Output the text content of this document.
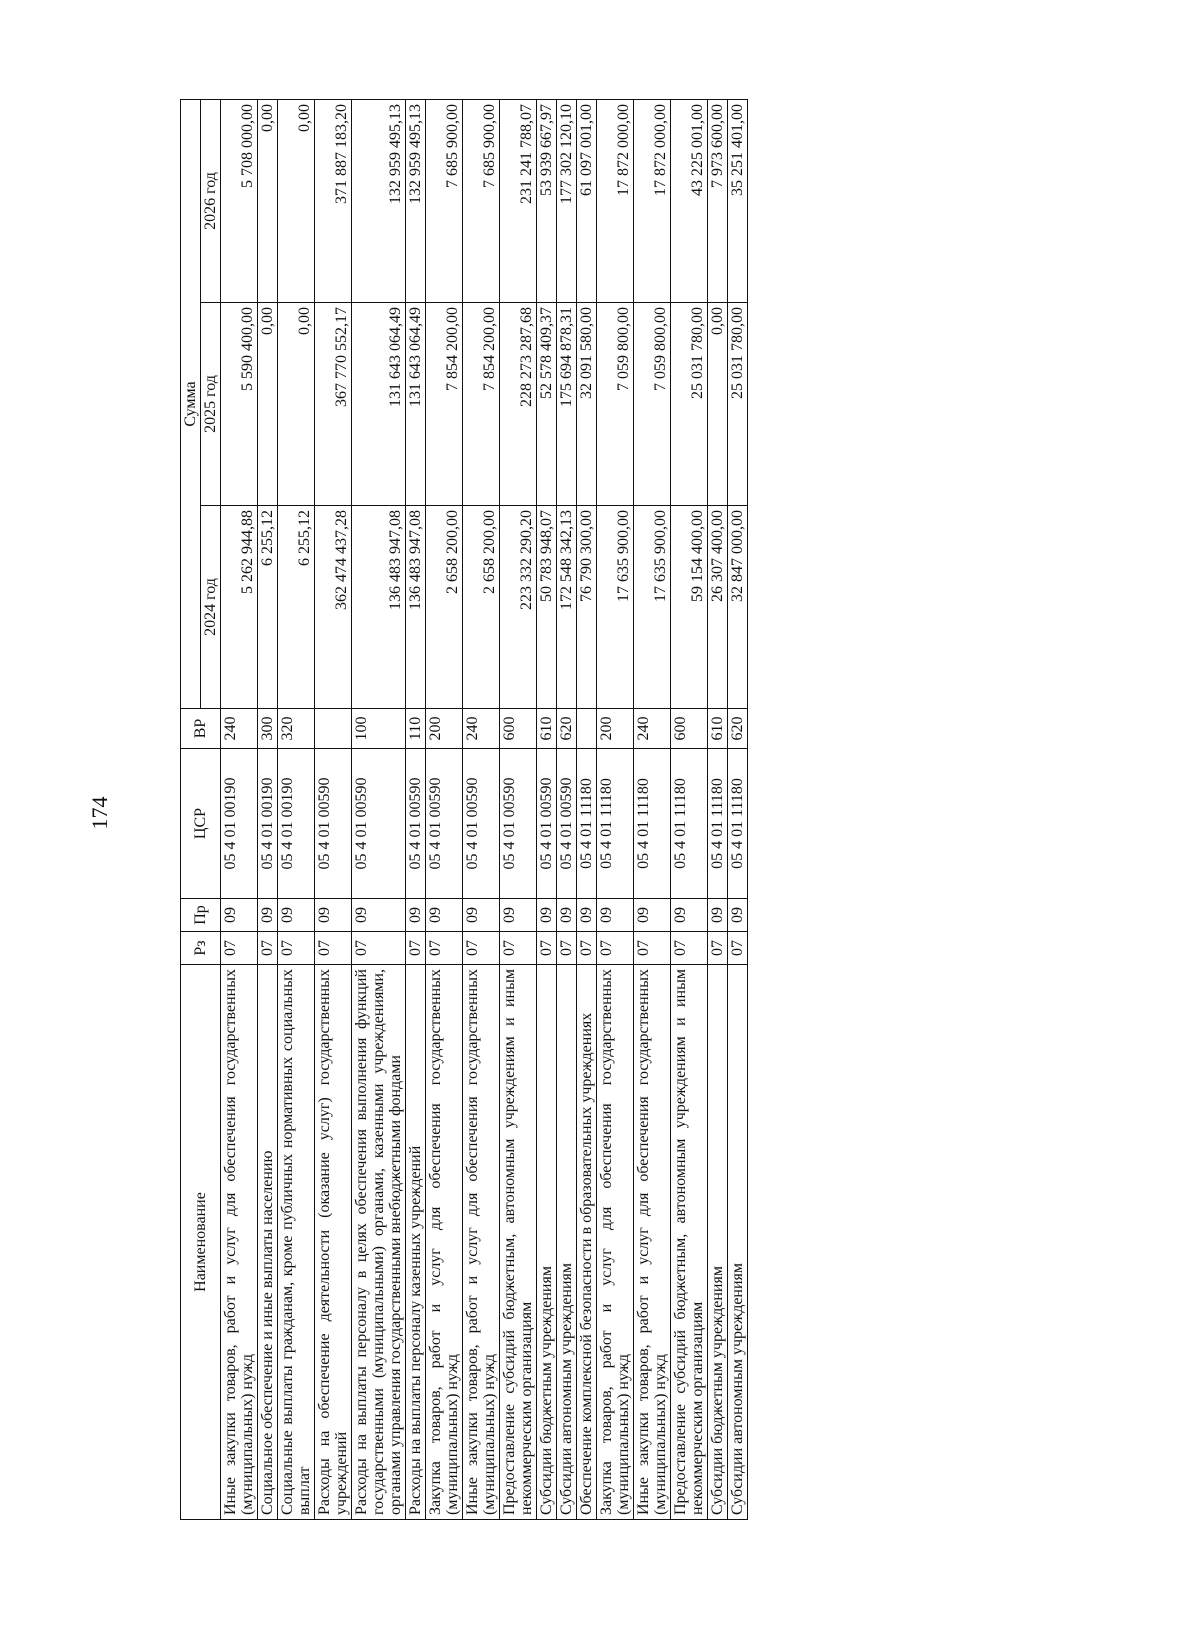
174
Наименование	Рз	Пр	ЦСР	ВР	Сумма		
					2024 год	2025 год	2026 год
Иные закупки товаров, работ и услуг для обеспечения государственных (муниципальных) нужд	07	09	05 4 01 00190	240	5 262 944,88	5 590 400,00	5 708 000,00
Социальное обеспечение и иные выплаты населению	07	09	05 4 01 00190	300	6 255,12	0,00	0,00
Социальные выплаты гражданам, кроме публичных нормативных социальных выплат	07	09	05 4 01 00190	320	6 255,12	0,00	0,00
Расходы на обеспечение деятельности (оказание услуг) государственных учреждений	07	09	05 4 01 00590		362 474 437,28	367 770 552,17	371 887 183,20
Расходы на выплаты персоналу в целях обеспечения выполнения функций государственными (муниципальными) органами, казенными учреждениями, органами управления государственными внебюджетными фондами	07	09	05 4 01 00590	100	136 483 947,08	131 643 064,49	132 959 495,13
Расходы на выплаты персоналу казенных учреждений	07	09	05 4 01 00590	110	136 483 947,08	131 643 064,49	132 959 495,13
Закупка товаров, работ и услуг для обеспечения государственных (муниципальных) нужд	07	09	05 4 01 00590	200	2 658 200,00	7 854 200,00	7 685 900,00
Иные закупки товаров, работ и услуг для обеспечения государственных (муниципальных) нужд	07	09	05 4 01 00590	240	2 658 200,00	7 854 200,00	7 685 900,00
Предоставление субсидий бюджетным, автономным учреждениям и иным некоммерческим организациям	07	09	05 4 01 00590	600	223 332 290,20	228 273 287,68	231 241 788,07
Субсидии бюджетным учреждениям	07	09	05 4 01 00590	610	50 783 948,07	52 578 409,37	53 939 667,97
Субсидии автономным учреждениям	07	09	05 4 01 00590	620	172 548 342,13	175 694 878,31	177 302 120,10
Обеспечение комплексной безопасности в образовательных учреждениях	07	09	05 4 01 11180		76 790 300,00	32 091 580,00	61 097 001,00
Закупка товаров, работ и услуг для обеспечения государственных (муниципальных) нужд	07	09	05 4 01 11180	200	17 635 900,00	7 059 800,00	17 872 000,00
Иные закупки товаров, работ и услуг для обеспечения государственных (муниципальных) нужд	07	09	05 4 01 11180	240	17 635 900,00	7 059 800,00	17 872 000,00
Предоставление субсидий бюджетным, автономным учреждениям и иным некоммерческим организациям	07	09	05 4 01 11180	600	59 154 400,00	25 031 780,00	43 225 001,00
Субсидии бюджетным учреждениям	07	09	05 4 01 11180	610	26 307 400,00	0,00	7 973 600,00
Субсидии автономным учреждениям	07	09	05 4 01 11180	620	32 847 000,00	25 031 780,00	35 251 401,00
